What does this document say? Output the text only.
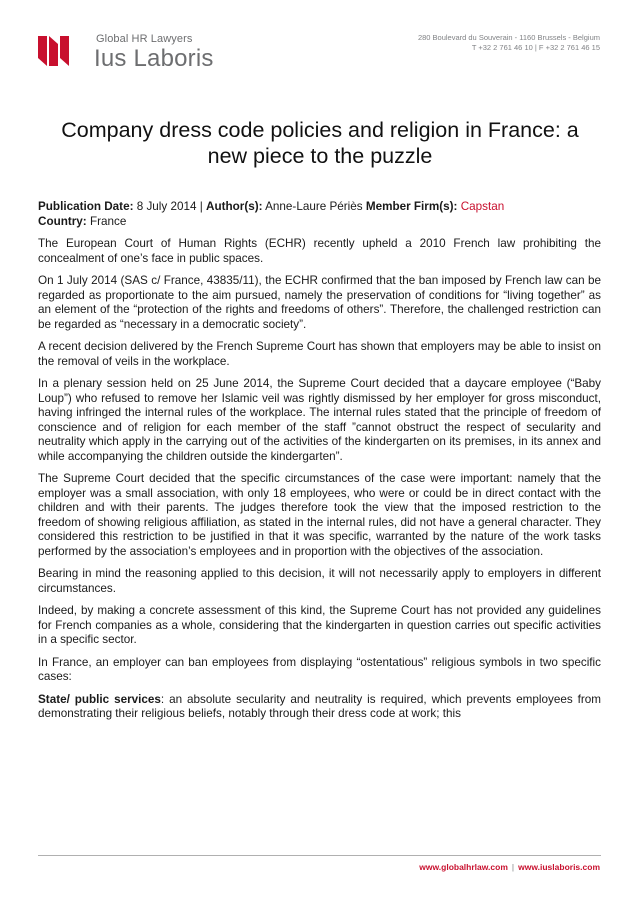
Global HR Lawyers
Ius Laboris
280 Boulevard du Souverain - 1160 Brussels - Belgium
T +32 2 761 46 10 | F +32 2 761 46 15
Company dress code policies and religion in France: a new piece to the puzzle

Publication Date: 8 July 2014 | Author(s): Anne-Laure Périès Member Firm(s): Capstan
Country: France

The European Court of Human Rights (ECHR) recently upheld a 2010 French law prohibiting the concealment of one’s face in public spaces.

On 1 July 2014 (SAS c/ France, 43835/11), the ECHR confirmed that the ban imposed by French law can be regarded as proportionate to the aim pursued, namely the preservation of conditions for “living together” as an element of the “protection of the rights and freedoms of others”. Therefore, the challenged restriction can be regarded as “necessary in a democratic society”.

A recent decision delivered by the French Supreme Court has shown that employers may be able to insist on the removal of veils in the workplace.

In a plenary session held on 25 June 2014, the Supreme Court decided that a daycare employee (“Baby Loup”) who refused to remove her Islamic veil was rightly dismissed by her employer for gross misconduct, having infringed the internal rules of the workplace. The internal rules stated that the principle of freedom of conscience and of religion for each member of the staff ”cannot obstruct the respect of secularity and neutrality which apply in the carrying out of the activities of the kindergarten on its premises, in its annex and while accompanying the children outside the kindergarten”.

The Supreme Court decided that the specific circumstances of the case were important: namely that the employer was a small association, with only 18 employees, who were or could be in direct contact with the children and with their parents. The judges therefore took the view that the imposed restriction to the freedom of showing religious affiliation, as stated in the internal rules, did not have a general character. They considered this restriction to be justified in that it was specific, warranted by the nature of the work tasks performed by the association’s employees and in proportion with the objectives of the association.

Bearing in mind the reasoning applied to this decision, it will not necessarily apply to employers in different circumstances.

Indeed, by making a concrete assessment of this kind, the Supreme Court has not provided any guidelines for French companies as a whole, considering that the kindergarten in question carries out specific activities in a specific sector.

In France, an employer can ban employees from displaying “ostentatious” religious symbols in two specific cases:

State/ public services: an absolute secularity and neutrality is required, which prevents employees from demonstrating their religious beliefs, notably through their dress code at work; this

www.globalhrlaw.com | www.iuslaboris.com
